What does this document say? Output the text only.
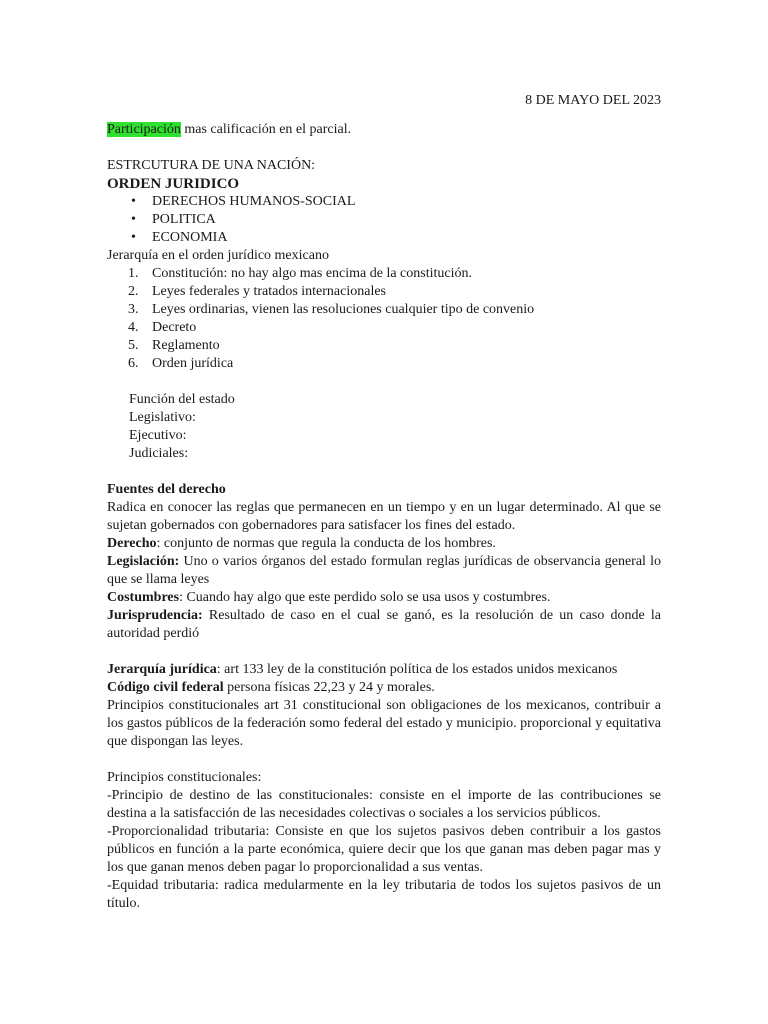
8 DE MAYO DEL 2023
Participación mas calificación en el parcial.
ESTRCUTURA DE UNA NACIÓN:
ORDEN JURIDICO
• DERECHOS HUMANOS-SOCIAL
• POLITICA
• ECONOMIA
Jerarquía en el orden jurídico mexicano
1. Constitución: no hay algo mas encima de la constitución.
2. Leyes federales y tratados internacionales
3. Leyes ordinarias, vienen las resoluciones cualquier tipo de convenio
4. Decreto
5. Reglamento
6. Orden jurídica
Función del estado
Legislativo:
Ejecutivo:
Judiciales:
Fuentes del derecho
Radica en conocer las reglas que permanecen en un tiempo y en un lugar determinado. Al que se sujetan gobernados con gobernadores para satisfacer los fines del estado.
Derecho: conjunto de normas que regula la conducta de los hombres.
Legislación: Uno o varios órganos del estado formulan reglas jurídicas de observancia general lo que se llama leyes
Costumbres: Cuando hay algo que este perdido solo se usa usos y costumbres.
Jurisprudencia: Resultado de caso en el cual se ganó, es la resolución de un caso donde la autoridad perdió
Jerarquía jurídica: art 133 ley de la constitución política de los estados unidos mexicanos
Código civil federal persona físicas 22,23 y 24 y morales.
Principios constitucionales art 31 constitucional son obligaciones de los mexicanos, contribuir a los gastos públicos de la federación somo federal del estado y municipio. proporcional y equitativa que dispongan las leyes.
Principios constitucionales:
-Principio de destino de las constitucionales: consiste en el importe de las contribuciones se destina a la satisfacción de las necesidades colectivas o sociales a los servicios públicos.
-Proporcionalidad tributaria: Consiste en que los sujetos pasivos deben contribuir a los gastos públicos en función a la parte económica, quiere decir que los que ganan mas deben pagar mas y los que ganan menos deben pagar lo proporcionalidad a sus ventas.
-Equidad tributaria: radica medularmente en la ley tributaria de todos los sujetos pasivos de un título.
